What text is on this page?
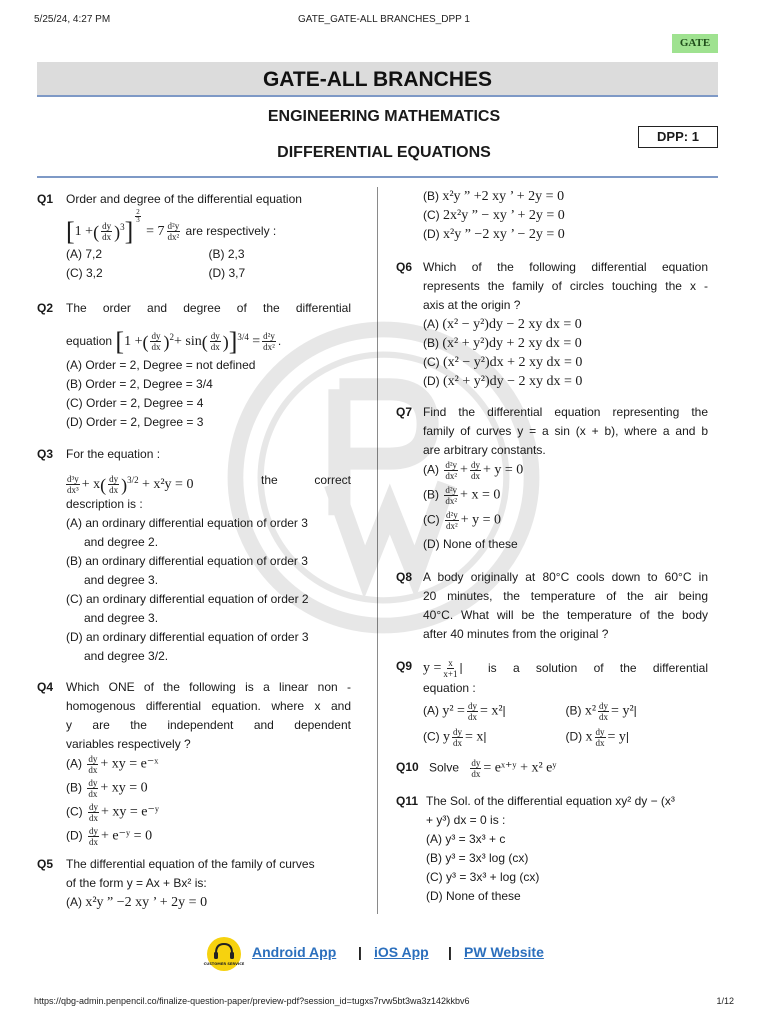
5/25/24, 4:27 PM	GATE_GATE-ALL BRANCHES_DPP 1
GATE
GATE-ALL BRANCHES
ENGINEERING MATHEMATICS
DIFFERENTIAL EQUATIONS
DPP: 1
Q1 Order and degree of the differential equation
[1 +( $\frac{dy}{dx} )^3$]
$\frac{2}{3}$
= $7 \frac{\text{d²y}}{\text{dx²}}$ are respectively :
(A) 7,2	(B) 2,3
(C) 3,2	(D) 3,7
Q2 The order and degree of the differential
equation [1 +( $\frac{dy}{dx} )^2+ \sin( \frac{dy}{dx} )]^{3/4} = \frac{\text{d²y}}{\text{dx²}}$ .
(A) Order = 2, Degree = not defined
(B) Order = 2, Degree = 3/4
(C) Order = 2, Degree = 4
(D) Order = 2, Degree = 3
Q3 For the equation :
$\frac{\text{d³y}}{\text{dx³}} + x( \frac{dy}{dx} )^{3/2} + x^2y = 0$	the	correct
description is :
(A) an ordinary differential equation of order 3
and degree 2.
(B) an ordinary differential equation of order 3
and degree 3.
(C) an ordinary differential equation of order 2
and degree 3.
(D) an ordinary differential equation of order 3
and degree 3/2.
Q4 Which ONE of the following is a linear non -
homogenous differential equation. where x and
y are the independent and dependent
variables respectively ?
$(A) \frac{dy}{dx}$ + xy = e⁻ˣ
$(B) \frac{dy}{dx}$ + xy = 0
$(C) \frac{dy}{dx}$ + xy = e⁻ʸ
$(D) \frac{dy}{dx}$ + e⁻ʸ = 0
Q5 The differential equation of the family of curves
of the form y = Ax + Bx² is:
(A) x²y ” −2 xy ’ + 2y = 0
(B) x²y ” +2 xy ’ + 2y = 0
(C) 2x²y ” − xy ’ + 2y = 0
(D) x²y ” −2 xy ’ − 2y = 0
Q6 Which of the following differential equation
represents the family of circles touching the x -
axis at the origin ?
(A) (x² − y²)dy − 2 xy dx = 0
(B) (x² + y²)dy + 2 xy dx = 0
(C) (x² − y²)dx + 2 xy dx = 0
(D) (x² + y²)dy − 2 xy dx = 0
Q7 Find the differential equation representing the
family of curves y = a sin (x + b), where a and b
are arbitrary constants.
$(A) \frac{\text{d²y}}{\text{dx²}} + \frac{dy}{dx} + y = 0$
$(B) \frac{\text{d²y}}{\text{dx²}} + x = 0$
$(C) \frac{\text{d²y}}{\text{dx²}} + y = 0$
(D) None of these
Q8 A body originally at 80°C cools down to 60°C in
20 minutes, the temperature of the air being
40°C. What will be the temperature of the body
after 40 minutes from the original ?
Q9 $y = \frac{x}{x+1}$ | is a solution of the differential
equation :
(A) $y^2 = \frac{dy}{dx} = x^2|$	(B) $x^2 \frac{dy}{dx} = y^2|$
(C) y $\frac{dy}{dx} = x|$	(D) x $\frac{dy}{dx} = y|$
Q10 Solve $\frac{dy}{dx}$ = eˣ⁺ʸ + x² eʸ
Q11 The Sol. of the differential equation xy² dy − (x³
+ y³) dx = 0 is :
(A) y³ = 3x³ + c
(B) y³ = 3x³ log (cx)
(C) y³ = 3x³ + log (cx)
(D) None of these
CUSTOMER SERVICE
Android App | iOS App | PW Website
https://qbg-admin.penpencil.co/finalize-question-paper/preview-pdf?session_id=tugxs7rvw5bt3wa3z142kkbv6	1/12
